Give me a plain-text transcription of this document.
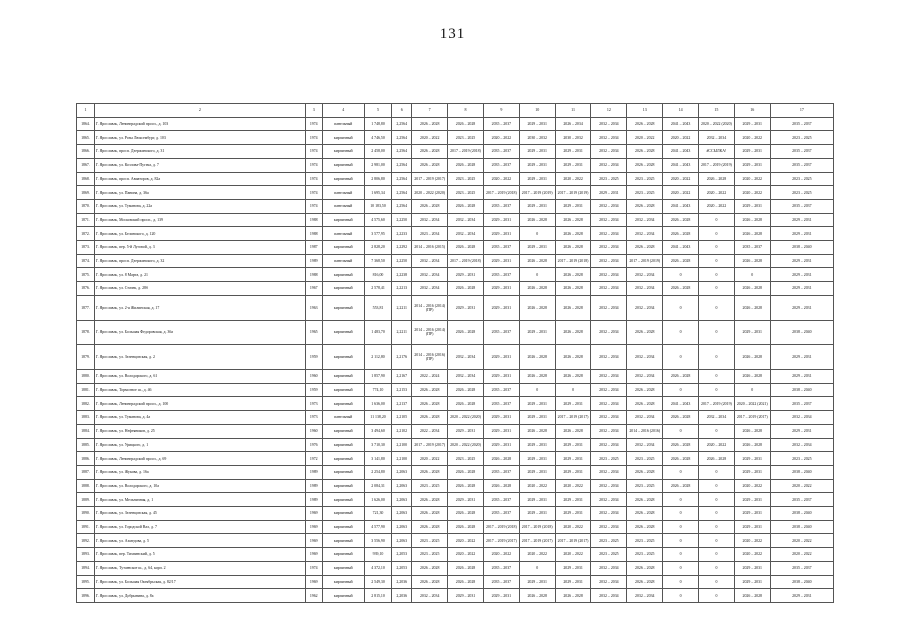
131
1	2	3	4	5	6	7	8	9	10	11	12	13	14	15	16	17
1864.	Г. Ярославль, Ленинградский просп., д. 103	1974	панельный	1 748,80	2,2564	2026 – 2028	2026 – 2028	2035 – 2037	2029 – 2031	2026 – 2034	2032 – 2034	2026 – 2028	2041 – 2043	2020 – 2022 (2020)	2029 – 2031	2035 – 2037
1865.	Г. Ярославль, ул. Розы Люксембург, д. 103	1974	кирпичный	4 746,50	2,2564	2020 – 2022	2023 – 2025	2020 – 2022	2030 – 2032	2030 – 2032	2032 – 2034	2020 – 2022	2020 – 2022	2032 – 2034	2020 – 2022	2023 – 2025
1866.	Г. Ярославль, просп. Дзержинского, д. 31	1974	кирпичный	2 458,00	2,2564	2026 – 2028	2017 – 2019 (2018)	2035 – 2037	2029 – 2031	2029 – 2031	2032 – 2034	2026 – 2028	2041 – 2043	#ССЫЛКА!	2029 – 2031	2035 – 2037
1867.	Г. Ярославль, ул. Козлова-Пугача, д. 7	1974	кирпичный	2 981,00	2,2564	2026 – 2028	2026 – 2028	2035 – 2037	2029 – 2031	2029 – 2031	2032 – 2034	2026 – 2028	2041 – 2043	2017 – 2019 (2019)	2029 – 2031	2035 – 2037
1868.	Г. Ярославль, просп. Авиаторов, д. 82а	1974	кирпичный	2 806,80	2,2564	2017 – 2019 (2017)	2023 – 2025	2020 – 2022	2029 – 2031	2020 – 2022	2023 – 2025	2023 – 2025	2020 – 2022	2026 – 2028	2020 – 2022	2023 – 2025
1869.	Г. Ярославль, ул. Панина, д. 36а	1974	панельный	1 695,34	2,2564	2020 – 2022 (2020)	2023 – 2025	2017 – 2019 (2018)	2017 – 2019 (2019)	2017 – 2019 (2019)	2029 – 2031	2023 – 2025	2020 – 2022	2020 – 2022	2020 – 2022	2023 – 2025
1870.	Г. Ярославль, ул. Туманова, д. 22а	1974	панельный	10 183,50	2,2564	2026 – 2028	2026 – 2028	2035 – 2037	2029 – 2031	2029 – 2031	2032 – 2034	2026 – 2028	2041 – 2043	2020 – 2022	2029 – 2031	2035 – 2037
1871.	Г. Ярославль, Московский просп., д. 139	1988	кирпичный	4 575,60	2,2250	2032 – 2034	2032 – 2034	2029 – 2031	2026 – 2028	2026 – 2028	2032 – 2034	2032 – 2034	2026 – 2028	0	2026 – 2028	2029 – 2031
1872.	Г. Ярославль, ул. Белинского, д. 120	1988	панельный	3 577,95	2,2233	2023 – 2034	2032 – 2034	2029 – 2031	0	2026 – 2028	2032 – 2034	2032 – 2034	2026 – 2028	0	2026 – 2028	2029 – 2031
1873.	Г. Ярославль, пер. 5-й Луговой, д. 3	1987	кирпичный	2 828,20	2,2292	2014 – 2016 (2015)	2026 – 2028	2035 – 2037	2029 – 2031	2026 – 2028	2032 – 2034	2026 – 2028	2041 – 2043	0	2035 – 2037	2038 – 2040
1874.	Г. Ярославль, просп. Дзержинского, д. 32	1989	панельный	7 368,50	2,2250	2032 – 2034	2017 – 2019 (2018)	2029 – 2031	2026 – 2028	2017 – 2019 (2018)	2032 – 2034	2017 – 2019 (2019)	2026 – 2028	0	2026 – 2028	2029 – 2031
1875.	Г. Ярославль, ул. 8 Марта, д. 21	1988	кирпичный	816,00	2,2238	2032 – 2034	2029 – 2031	2035 – 2037	0	2026 – 2028	2032 – 2034	2032 – 2034	0	0	0	2029 – 2031
1876.	Г. Ярославль, ул. Стачек, д. 28б	1967	кирпичный	2 578,41	2,2213	2032 – 2034	2026 – 2028	2029 – 2031	2026 – 2028	2026 – 2028	2032 – 2034	2032 – 2034	2026 – 2028	0	2026 – 2028	2029 – 2031
1877.	Г. Ярославль, ул. 2-я Жилинская, д. 17	1963	кирпичный	553,81	2,2211	2014 – 2016 (2014)(ПР)	2029 – 2031	2029 – 2031	2026 – 2028	2026 – 2028	2032 – 2034	2032 – 2034	0	0	2026 – 2028	2029 – 2031
1878.	Г. Ярославль, ул. Большая Федоровская, д. 36а	1965	кирпичный	1 483,70	2,2211	2014 – 2016 (2014)(ПР)	2026 – 2028	2035 – 2037	2029 – 2031	2026 – 2028	2032 – 2034	2026 – 2028	0	0	2029 – 2031	2038 – 2040
1879.	Г. Ярославль, ул. Зеленцовская, д. 2	1959	кирпичный	2 112,80	2,2176	2014 – 2016 (2016)(ПР)	2032 – 2034	2029 – 2031	2026 – 2028	2026 – 2028	2032 – 2034	2032 – 2034	0	0	2026 – 2028	2029 – 2031
1880.	Г. Ярославль, ул. Володарского, д. 61	1960	кирпичный	1 857,90	2,2167	2022 – 2024	2032 – 2034	2029 – 2031	2026 – 2028	2026 – 2028	2032 – 2034	2032 – 2034	2026 – 2028	0	2026 – 2028	2029 – 2031
1881.	Г. Ярославль, Тормозное ш., д. 46	1959	кирпичный	774,10	2,2153	2026 – 2028	2026 – 2028	2035 – 2037	0	0	2032 – 2034	2026 – 2028	0	0	0	2038 – 2040
1882.	Г. Ярославль, Ленинградский просп., д. 100	1973	кирпичный	1 636,00	2,2137	2026 – 2028	2026 – 2028	2035 – 2037	2029 – 2031	2029 – 2031	2032 – 2034	2026 – 2028	2041 – 2043	2017 – 2019 (2019)	2020 – 2022 (2021)	2035 – 2037
1883.	Г. Ярославль, ул. Туманова, д. 4а	1973	панельный	11 138,20	2,2105	2026 – 2028	2020 – 2022 (2020)	2029 – 2031	2029 – 2031	2017 – 2019 (2017)	2032 – 2034	2032 – 2034	2026 – 2028	2032 – 2034	2017 – 2019 (2017)	2032 – 2034
1884.	Г. Ярославль, ул. Нефтяников, д. 25	1960	кирпичный	3 494,60	2,2102	2022 – 2034	2029 – 2031	2029 – 2031	2026 – 2028	2026 – 2028	2032 – 2034	2014 – 2016 (2016)	0	0	2026 – 2028	2029 – 2031
1885.	Г. Ярославль, ул. Урицкого, д. 1	1976	кирпичный	3 710,30	2,2100	2017 – 2019 (2017)	2020 – 2022 (2020)	2029 – 2031	2029 – 2031	2029 – 2031	2032 – 2034	2032 – 2034	2026 – 2028	2020 – 2022	2026 – 2028	2032 – 2034
1886.	Г. Ярославль, Ленинградский просп., д. 69	1972	кирпичный	3 141,80	2,2100	2020 – 2022	2023 – 2025	2026 – 2028	2029 – 2031	2029 – 2031	2023 – 2025	2023 – 2025	2026 – 2028	2026 – 2028	2029 – 2031	2023 – 2025
1887.	Г. Ярославль, ул. Жукова, д. 16а	1989	кирпичный	2 254,80	2,2063	2026 – 2028	2026 – 2028	2035 – 2037	2029 – 2031	2029 – 2031	2032 – 2034	2026 – 2028	0	0	2029 – 2031	2038 – 2040
1888.	Г. Ярославль, ул. Володарского, д. 10а	1989	кирпичный	2 084,31	2,2063	2023 – 2025	2026 – 2028	2026 – 2028	2020 – 2022	2020 – 2022	2032 – 2034	2023 – 2025	2026 – 2028	0	2020 – 2022	2020 – 2022
1889.	Г. Ярославль, ул. Мельничная, д. 1	1989	кирпичный	1 626,00	2,2063	2026 – 2028	2029 – 2031	2035 – 2037	2029 – 2031	2029 – 2031	2032 – 2034	2026 – 2028	0	0	2029 – 2031	2035 – 2037
1890.	Г. Ярославль, ул. Зеленцовская, д. 45	1969	кирпичный	721,30	2,2063	2026 – 2028	2026 – 2028	2035 – 2037	2029 – 2031	2029 – 2031	2032 – 2034	2026 – 2028	0	0	2029 – 2031	2038 – 2040
1891.	Г. Ярославль, ул. Городской Вал, д. 7	1969	кирпичный	4 577,90	2,2063	2026 – 2028	2026 – 2028	2017 – 2019 (2018)	2017 – 2019 (2018)	2020 – 2022	2032 – 2034	2026 – 2028	0	0	2029 – 2031	2038 – 2040
1892.	Г. Ярославль, ул. Ахмедова, д. 5	1969	кирпичный	3 556,90	2,2063	2023 – 2025	2020 – 2022	2017 – 2019 (2017)	2017 – 2019 (2017)	2017 – 2019 (2017)	2023 – 2025	2023 – 2025	0	0	2020 – 2022	2020 – 2022
1893.	Г. Ярославль, пер. Тихвинский, д. 5	1969	кирпичный	939,10	2,2053	2023 – 2025	2020 – 2022	2020 – 2022	2020 – 2022	2020 – 2022	2023 – 2025	2023 – 2025	0	0	2020 – 2022	2020 – 2022
1894.	Г. Ярославль, Тутаевское ш., д. 64, корп. 2	1974	кирпичный	4 372,10	2,2053	2026 – 2028	2026 – 2028	2035 – 2037	0	2029 – 2031	2032 – 2034	2026 – 2028	0	0	2029 – 2031	2035 – 2037
1895.	Г. Ярославль, ул. Большая Октябрьская, д. 82/17	1969	кирпичный	2 549,30	2,2036	2026 – 2028	2026 – 2028	2035 – 2037	2029 – 2031	2029 – 2031	2032 – 2034	2026 – 2028	0	0	2029 – 2031	2038 – 2040
1896.	Г. Ярославль, ул. Добрынина, д. 8а	1962	кирпичный	2 815,10	2,2036	2032 – 2034	2029 – 2031	2029 – 2031	2026 – 2028	2026 – 2028	2032 – 2034	2032 – 2034	0	0	2026 – 2028	2029 – 2031
